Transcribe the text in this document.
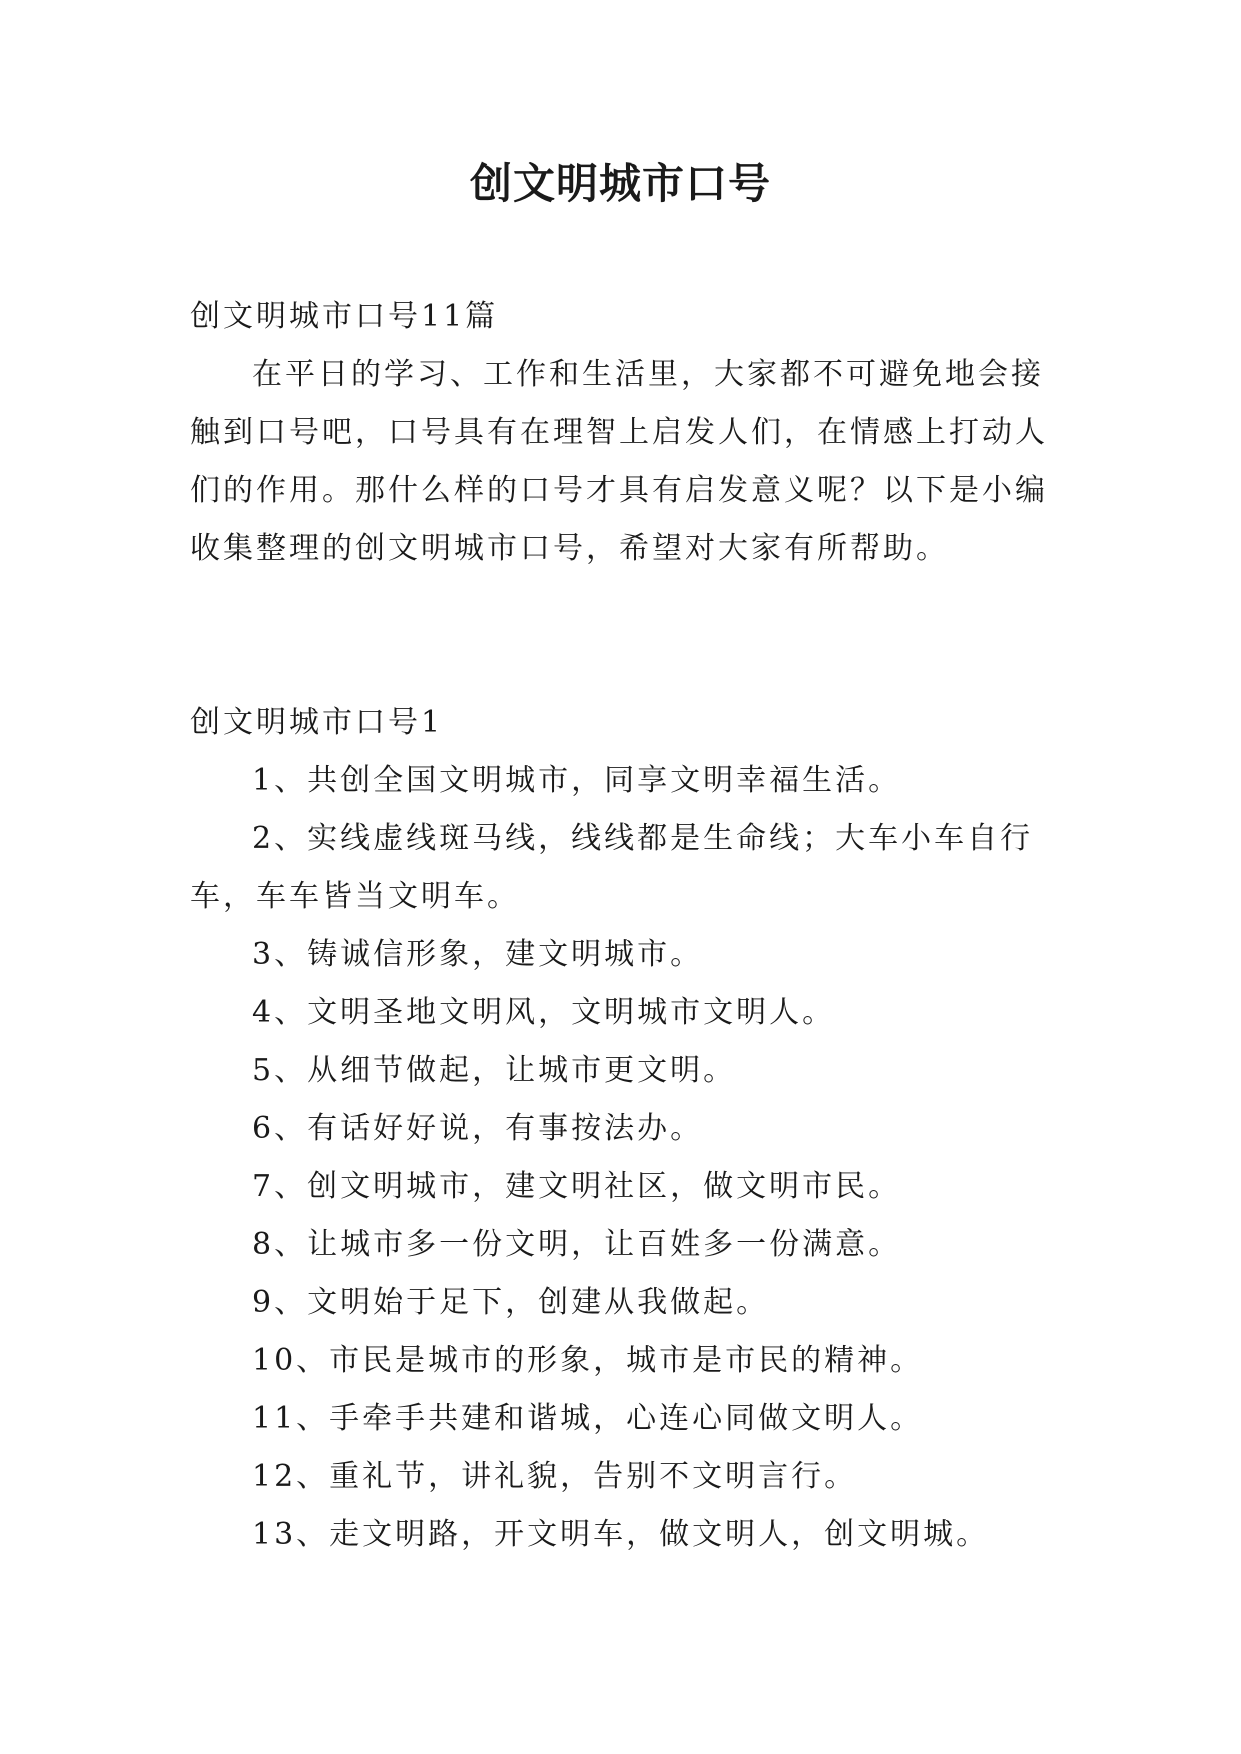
创文明城市口号

创文明城市口号11篇

在平日的学习、工作和生活里，大家都不可避免地会接触到口号吧，口号具有在理智上启发人们，在情感上打动人们的作用。那什么样的口号才具有启发意义呢？以下是小编收集整理的创文明城市口号，希望对大家有所帮助。

创文明城市口号1

1、共创全国文明城市，同享文明幸福生活。
2、实线虚线斑马线，线线都是生命线；大车小车自行车，车车皆当文明车。
3、铸诚信形象，建文明城市。
4、文明圣地文明风，文明城市文明人。
5、从细节做起，让城市更文明。
6、有话好好说，有事按法办。
7、创文明城市，建文明社区，做文明市民。
8、让城市多一份文明，让百姓多一份满意。
9、文明始于足下，创建从我做起。
10、市民是城市的形象，城市是市民的精神。
11、手牵手共建和谐城，心连心同做文明人。
12、重礼节，讲礼貌，告别不文明言行。
13、走文明路，开文明车，做文明人，创文明城。
